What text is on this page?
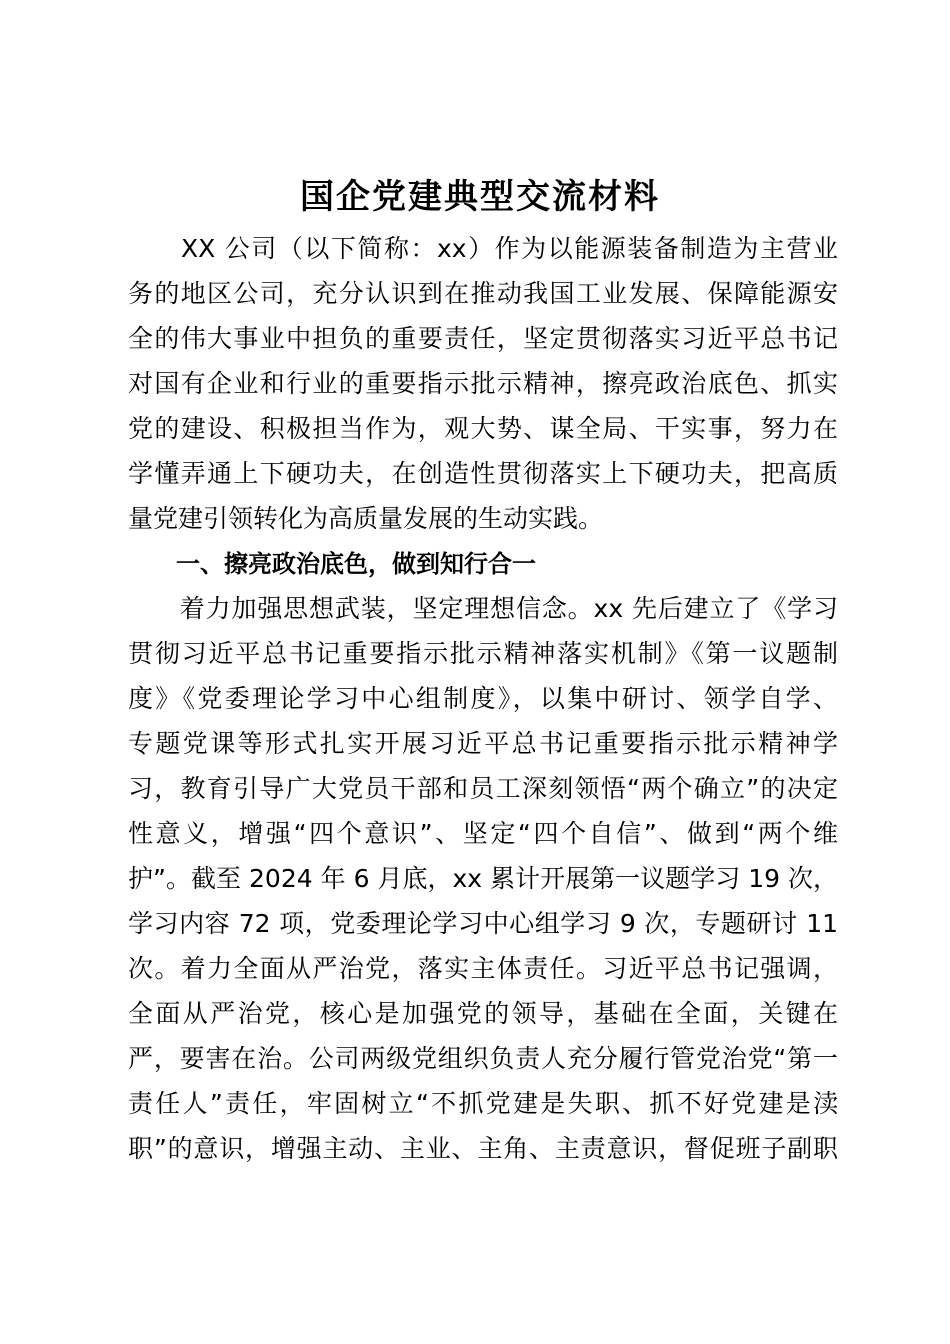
国企党建典型交流材料
　　XX 公司（以下简称：xx）作为以能源装备制造为主营业
务的地区公司，充分认识到在推动我国工业发展、保障能源安
全的伟大事业中担负的重要责任，坚定贯彻落实习近平总书记
对国有企业和行业的重要指示批示精神，擦亮政治底色、抓实
党的建设、积极担当作为，观大势、谋全局、干实事，努力在
学懂弄通上下硬功夫，在创造性贯彻落实上下硬功夫，把高质
量党建引领转化为高质量发展的生动实践。
　　一、擦亮政治底色，做到知行合一
　　着力加强思想武装，坚定理想信念。xx 先后建立了《学习
贯彻习近平总书记重要指示批示精神落实机制》《第一议题制
度》《党委理论学习中心组制度》，以集中研讨、领学自学、
专题党课等形式扎实开展习近平总书记重要指示批示精神学
习，教育引导广大党员干部和员工深刻领悟“两个确立”的决定
性意义，增强“四个意识”、坚定“四个自信”、做到“两个维
护”。截至 2024 年 6 月底，xx 累计开展第一议题学习 19 次，
学习内容 72 项，党委理论学习中心组学习 9 次，专题研讨 11
次。着力全面从严治党，落实主体责任。习近平总书记强调，
全面从严治党，核心是加强党的领导，基础在全面，关键在
严，要害在治。公司两级党组织负责人充分履行管党治党“第一
责任人”责任，牢固树立“不抓党建是失职、抓不好党建是渎
职”的意识，增强主动、主业、主角、主责意识，督促班子副职
